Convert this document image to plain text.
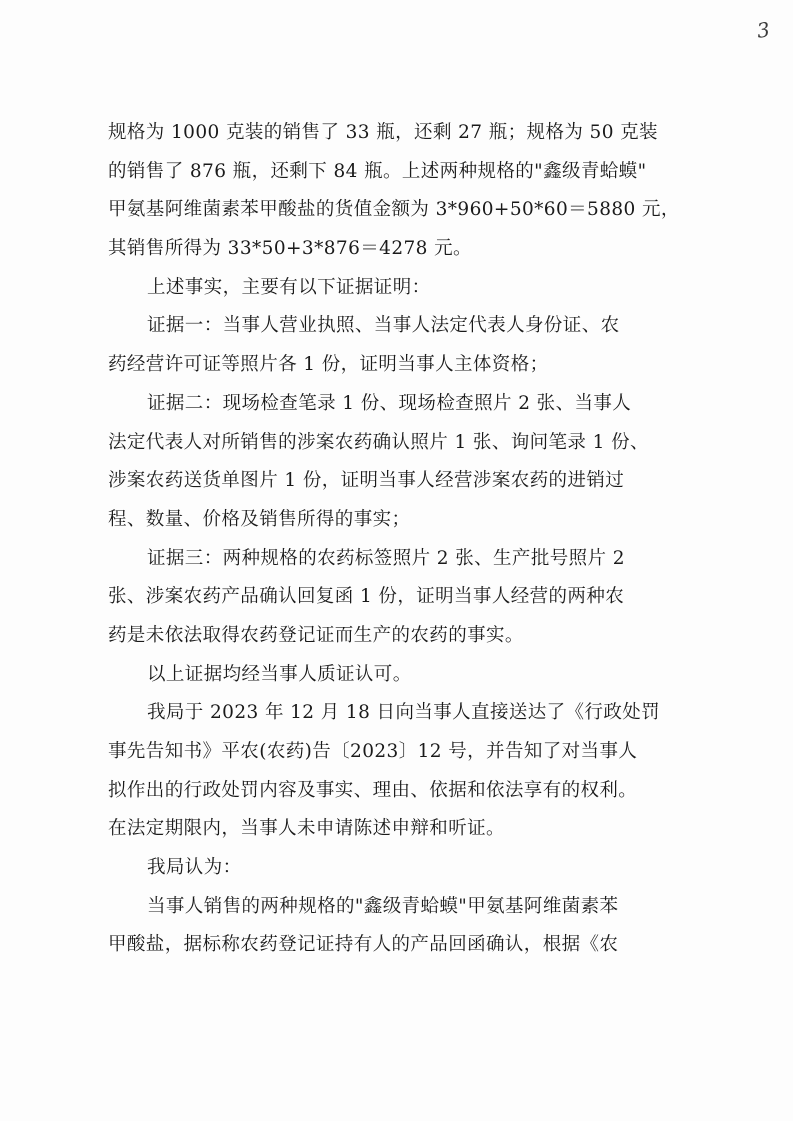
3
规格为 1000 克装的销售了 33 瓶，还剩 27 瓶；规格为 50 克装
的销售了 876 瓶，还剩下 84 瓶。上述两种规格的"鑫级青蛤蟆"
甲氨基阿维菌素苯甲酸盐的货值金额为 3*960+50*60＝5880 元，
其销售所得为 33*50+3*876＝4278 元。
上述事实，主要有以下证据证明：
证据一：当事人营业执照、当事人法定代表人身份证、农
药经营许可证等照片各 1 份，证明当事人主体资格；
证据二：现场检查笔录 1 份、现场检查照片 2 张、当事人
法定代表人对所销售的涉案农药确认照片 1 张、询问笔录 1 份、
涉案农药送货单图片 1 份，证明当事人经营涉案农药的进销过
程、数量、价格及销售所得的事实；
证据三：两种规格的农药标签照片 2 张、生产批号照片 2
张、涉案农药产品确认回复函 1 份，证明当事人经营的两种农
药是未依法取得农药登记证而生产的农药的事实。
以上证据均经当事人质证认可。
我局于 2023 年 12 月 18 日向当事人直接送达了《行政处罚
事先告知书》平农(农药)告〔2023〕12 号，并告知了对当事人
拟作出的行政处罚内容及事实、理由、依据和依法享有的权利。
在法定期限内，当事人未申请陈述申辩和听证。
我局认为：
当事人销售的两种规格的"鑫级青蛤蟆"甲氨基阿维菌素苯
甲酸盐，据标称农药登记证持有人的产品回函确认，根据《农
